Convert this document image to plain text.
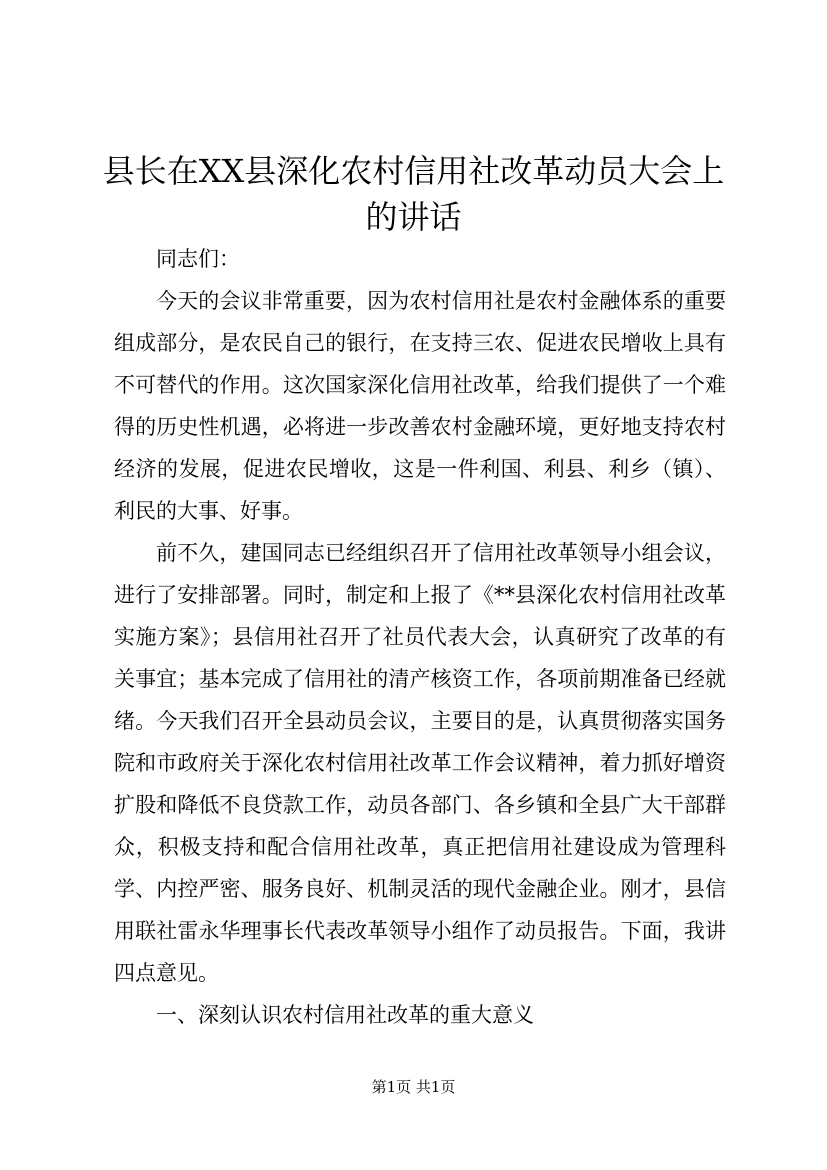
县长在XX县深化农村信用社改革动员大会上
的讲话

同志们：

今天的会议非常重要，因为农村信用社是农村金融体系的重要组成部分，是农民自己的银行，在支持三农、促进农民增收上具有不可替代的作用。这次国家深化信用社改革，给我们提供了一个难得的历史性机遇，必将进一步改善农村金融环境，更好地支持农村经济的发展，促进农民增收，这是一件利国、利县、利乡（镇）、利民的大事、好事。

前不久，建国同志已经组织召开了信用社改革领导小组会议，进行了安排部署。同时，制定和上报了《**县深化农村信用社改革实施方案》；县信用社召开了社员代表大会，认真研究了改革的有关事宜；基本完成了信用社的清产核资工作，各项前期准备已经就绪。今天我们召开全县动员会议，主要目的是，认真贯彻落实国务院和市政府关于深化农村信用社改革工作会议精神，着力抓好增资扩股和降低不良贷款工作，动员各部门、各乡镇和全县广大干部群众，积极支持和配合信用社改革，真正把信用社建设成为管理科学、内控严密、服务良好、机制灵活的现代金融企业。刚才，县信用联社雷永华理事长代表改革领导小组作了动员报告。下面，我讲四点意见。

一、深刻认识农村信用社改革的重大意义

第1页 共1页
